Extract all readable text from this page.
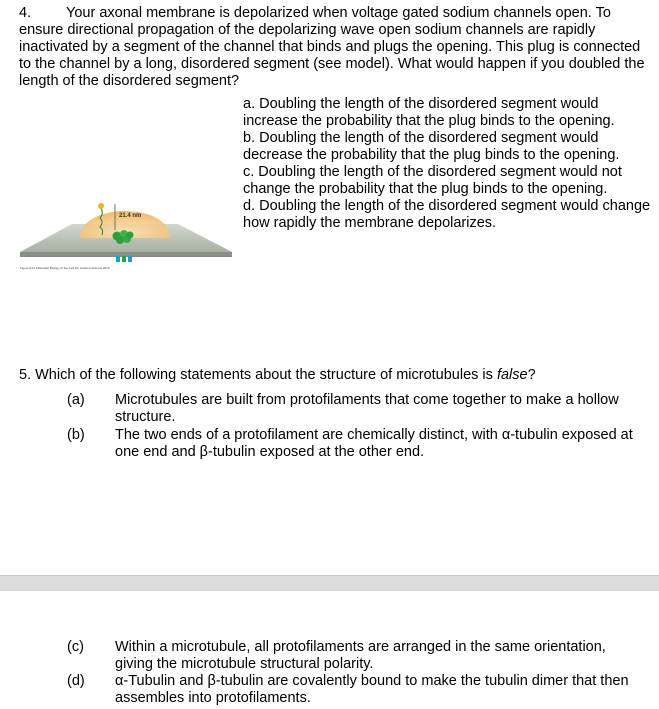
4. Your axonal membrane is depolarized when voltage gated sodium channels open. To ensure directional propagation of the depolarizing wave open sodium channels are rapidly inactivated by a segment of the channel that binds and plugs the opening. This plug is connected to the channel by a long, disordered segment (see model). What would happen if you doubled the length of the disordered segment?

a. Doubling the length of the disordered segment would increase the probability that the plug binds to the opening.

b. Doubling the length of the disordered segment would decrease the probability that the plug binds to the opening.

c. Doubling the length of the disordered segment would not change the probability that the plug binds to the opening.

d. Doubling the length of the disordered segment would change how rapidly the membrane depolarizes.

21.4 nm
Figure 8-11 Molecular Biology of the Cell 6/e Garland Science 2015
5. Which of the following statements about the structure of microtubules is false?
(a)	Microtubules are built from protofilaments that come together to make a hollow structure.
(b)	The two ends of a protofilament are chemically distinct, with α-tubulin exposed at one end and β-tubulin exposed at the other end.
(c)	Within a microtubule, all protofilaments are arranged in the same orientation, giving the microtubule structural polarity.
(d)	α-Tubulin and β-tubulin are covalently bound to make the tubulin dimer that then assembles into protofilaments.
